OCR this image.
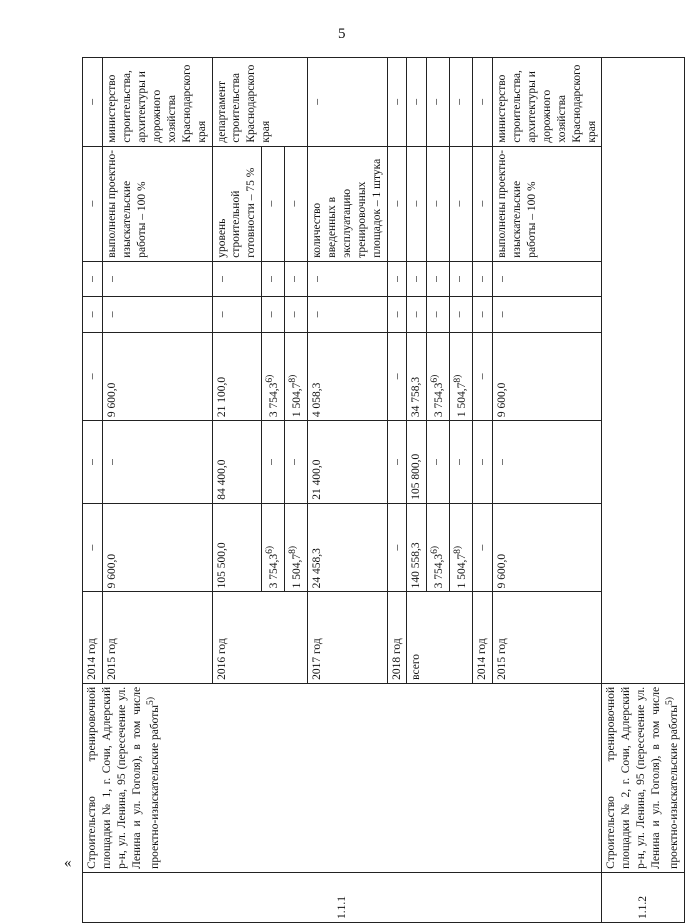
5
«
1.1.1	Строительство тренировочной площадки № 1, г. Сочи, Адлерский р-н, ул. Ленина, 95 (пересечение ул. Ленина и ул. Гоголя), в том числе проектно-изыскательские работы$^{5)}$	2014 год	–	–	–	–	–	–	–
		2015 год	9 600,0	–	9 600,0	–	–	выполнены проектно-изыскательские работы – 100 %	министерство строительства, архитектуры и дорожного хозяйства Краснодарского края
		2016 год	105 500,0	84 400,0	21 100,0	–	–	уровень строительной готовности – 75 %	департамент строительства Краснодарского края
			3 754,3$^{6)}$	–	3 754,3$^{6)}$	–	–	–	
			1 504,7$^{8)}$	–	1 504,7$^{8)}$	–	–	–	
		2017 год	24 458,3	21 400,0	4 058,3	–	–	количество введенных в эксплуатацию тренировочных площадок – 1 штука	–
		2018 год	–	–	–	–	–	–	–
		всего	140 558,3	105 800,0	34 758,3	–	–	–	–
			3 754,3$^{6)}$	–	3 754,3$^{6)}$	–	–	–	–
			1 504,7$^{8)}$	–	1 504,7$^{8)}$	–	–	–	–
		2014 год	–	–	–	–	–	–	–
		2015 год	9 600,0	–	9 600,0	–	–	выполнены проектно-изыскательские работы – 100 %	министерство строительства, архитектуры и дорожного хозяйства Краснодарского края
1.1.2	Строительство тренировочной площадки № 2, г. Сочи, Адлерский р-н, ул. Ленина, 95 (пересечение ул. Ленина и ул. Гоголя), в том числе проектно-изыскательские работы$^{5)}$	
